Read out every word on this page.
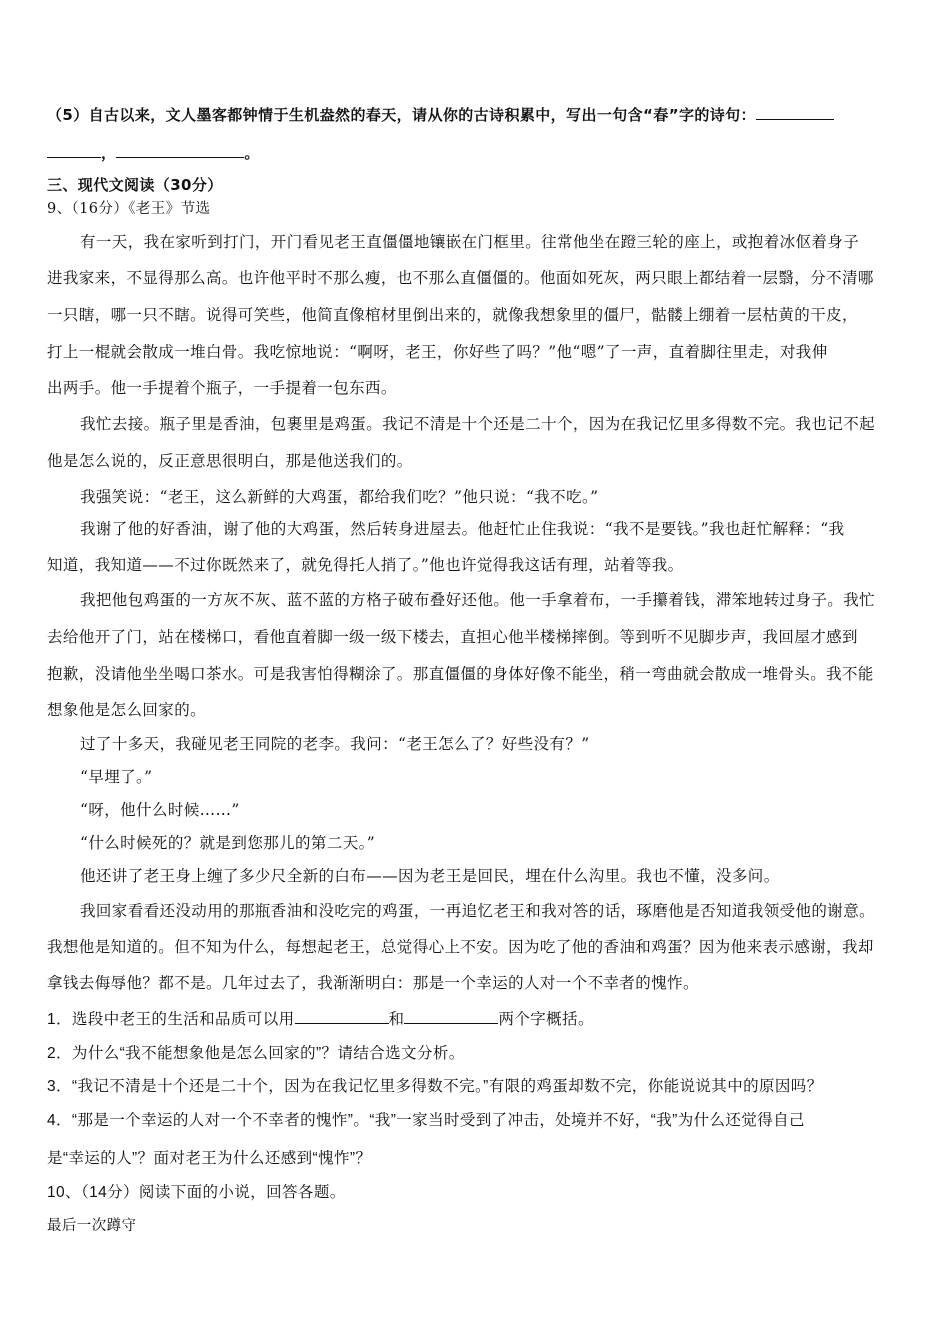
（5）自古以来，文人墨客都钟情于生机盎然的春天，请从你的古诗积累中，写出一句含“春”字的诗句：
，	。
三、现代文阅读（30分）
9、（16分）《老王》节选
有一天，我在家听到打门，开门看见老王直僵僵地镶嵌在门框里。往常他坐在蹬三轮的座上，或抱着冰伛着身子
进我家来，不显得那么高。也许他平时不那么瘦，也不那么直僵僵的。他面如死灰，两只眼上都结着一层翳，分不清哪
一只瞎，哪一只不瞎。说得可笑些，他简直像棺材里倒出来的，就像我想象里的僵尸，骷髅上绷着一层枯黄的干皮，
打上一棍就会散成一堆白骨。我吃惊地说：“啊呀，老王，你好些了吗？”他“嗯”了一声，直着脚往里走，对我伸
出两手。他一手提着个瓶子，一手提着一包东西。
我忙去接。瓶子里是香油，包裹里是鸡蛋。我记不清是十个还是二十个，因为在我记忆里多得数不完。我也记不起
他是怎么说的，反正意思很明白，那是他送我们的。
我强笑说：“老王，这么新鲜的大鸡蛋，都给我们吃？”他只说：“我不吃。”
我谢了他的好香油，谢了他的大鸡蛋，然后转身进屋去。他赶忙止住我说：“我不是要钱。”我也赶忙解释：“我
知道，我知道——不过你既然来了，就免得托人捎了。”他也许觉得我这话有理，站着等我。
我把他包鸡蛋的一方灰不灰、蓝不蓝的方格子破布叠好还他。他一手拿着布，一手攥着钱，滞笨地转过身子。我忙
去给他开了门，站在楼梯口，看他直着脚一级一级下楼去，直担心他半楼梯摔倒。等到听不见脚步声，我回屋才感到
抱歉，没请他坐坐喝口茶水。可是我害怕得糊涂了。那直僵僵的身体好像不能坐，稍一弯曲就会散成一堆骨头。我不能
想象他是怎么回家的。
过了十多天，我碰见老王同院的老李。我问：“老王怎么了？好些没有？”
“早埋了。”
“呀，他什么时候……”
“什么时候死的？就是到您那儿的第二天。”
他还讲了老王身上缠了多少尺全新的白布——因为老王是回民，埋在什么沟里。我也不懂，没多问。
我回家看看还没动用的那瓶香油和没吃完的鸡蛋，一再追忆老王和我对答的话，琢磨他是否知道我领受他的谢意。
我想他是知道的。但不知为什么，每想起老王，总觉得心上不安。因为吃了他的香油和鸡蛋？因为他来表示感谢，我却
拿钱去侮辱他？都不是。几年过去了，我渐渐明白：那是一个幸运的人对一个不幸者的愧怍。
1．选段中老王的生活和品质可以用	和	两个字概括。
2．为什么“我不能想象他是怎么回家的”？请结合选文分析。
3．“我记不清是十个还是二十个，因为在我记忆里多得数不完。”有限的鸡蛋却数不完，你能说说其中的原因吗？
4．“那是一个幸运的人对一个不幸者的愧怍”。“我”一家当时受到了冲击，处境并不好，“我”为什么还觉得自己
是“幸运的人”？面对老王为什么还感到“愧怍”？
10、（14分）阅读下面的小说，回答各题。
最后一次蹲守
